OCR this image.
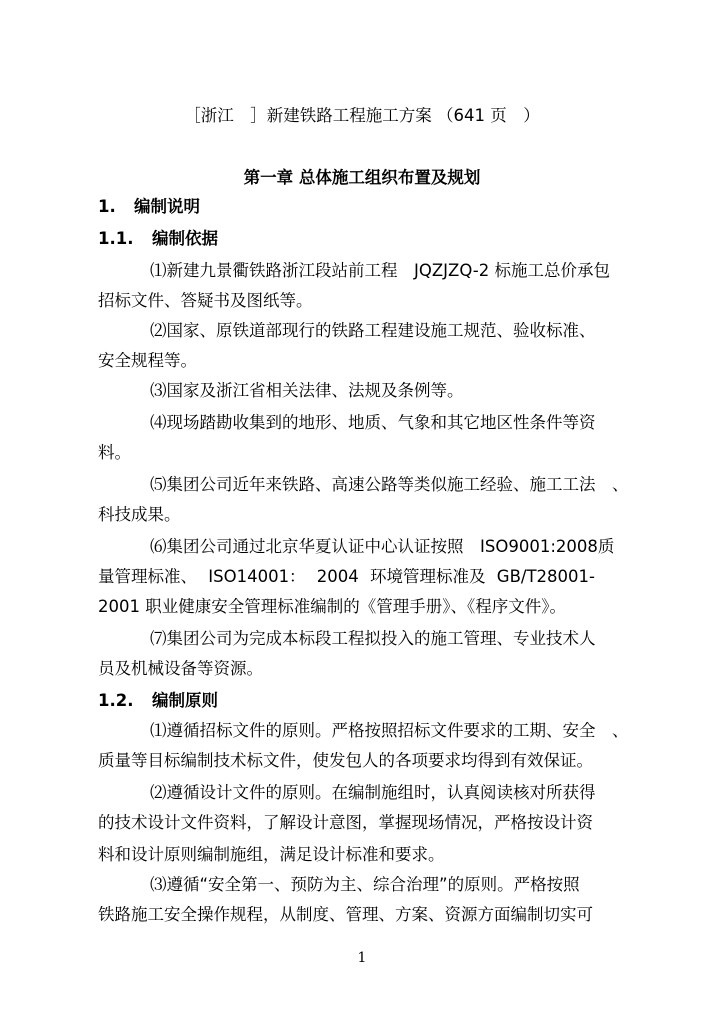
［浙江　］新建铁路工程施工方案 （641 页　）
第一章 总体施工组织布置及规划
1. 编制说明
1.1. 编制依据
⑴新建九景衢铁路浙江段站前工程　JQZJZQ-2 标施工总价承包
招标文件、答疑书及图纸等。
⑵国家、原铁道部现行的铁路工程建设施工规范、验收标准、
安全规程等。
⑶国家及浙江省相关法律、法规及条例等。
⑷现场踏勘收集到的地形、地质、气象和其它地区性条件等资
料。
⑸集团公司近年来铁路、高速公路等类似施工经验、施工工法　、
科技成果。
⑹集团公司通过北京华夏认证中心认证按照　ISO9001:2008质
量管理标准、 ISO14001： 2004 环境管理标准及 GB/T28001-
2001 职业健康安全管理标准编制的《管理手册》、《程序文件》。
⑺集团公司为完成本标段工程拟投入的施工管理、专业技术人
员及机械设备等资源。
1.2. 编制原则
⑴遵循招标文件的原则。严格按照招标文件要求的工期、安全　、
质量等目标编制技术标文件，使发包人的各项要求均得到有效保证。
⑵遵循设计文件的原则。在编制施组时，认真阅读核对所获得
的技术设计文件资料，了解设计意图，掌握现场情况，严格按设计资
料和设计原则编制施组，满足设计标准和要求。
⑶遵循“安全第一、预防为主、综合治理”的原则。严格按照
铁路施工安全操作规程，从制度、管理、方案、资源方面编制切实可
1
